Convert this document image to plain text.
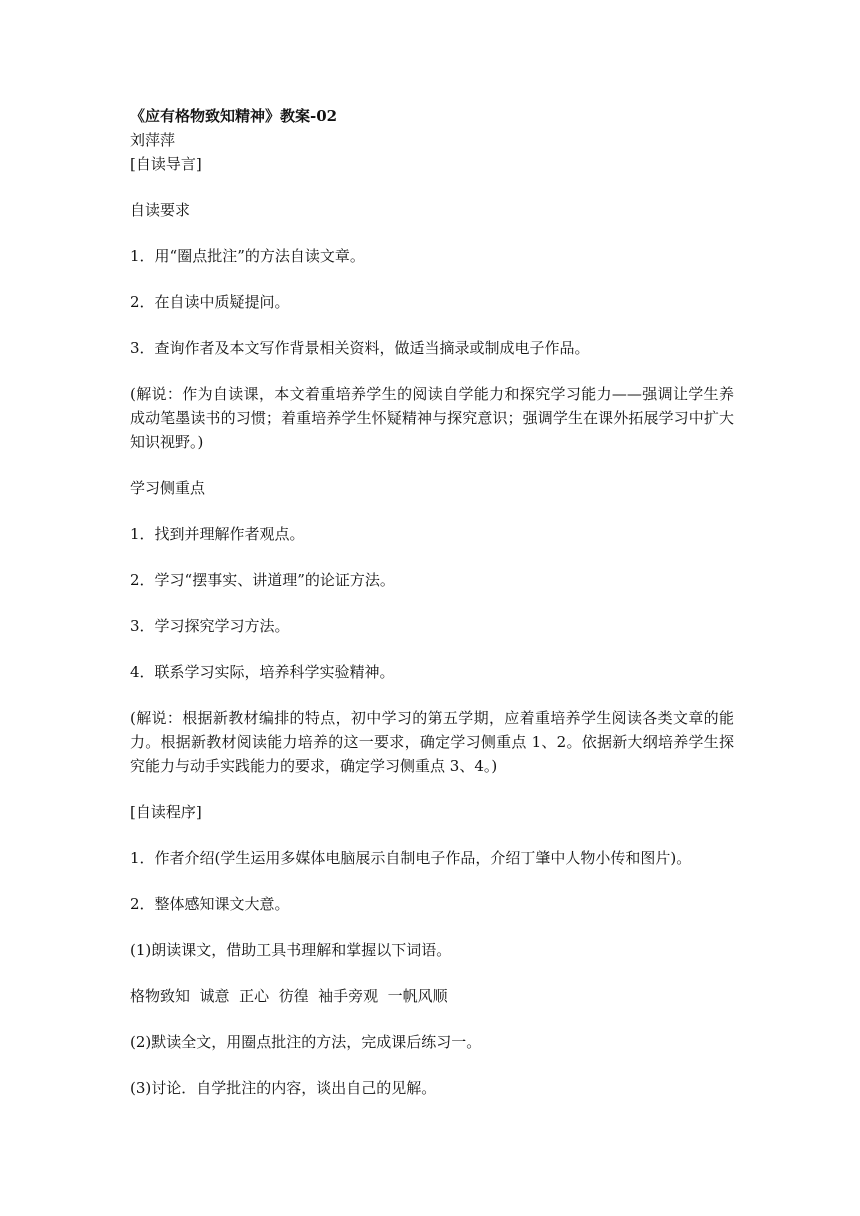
《应有格物致知精神》教案-02

刘萍萍

[自读导言]

自读要求

1．用“圈点批注”的方法自读文章。

2．在自读中质疑提问。

3．查询作者及本文写作背景相关资料，做适当摘录或制成电子作品。

(解说：作为自读课，本文着重培养学生的阅读自学能力和探究学习能力——强调让学生养成动笔墨读书的习惯；着重培养学生怀疑精神与探究意识；强调学生在课外拓展学习中扩大知识视野。)

学习侧重点

1．找到并理解作者观点。

2．学习“摆事实、讲道理”的论证方法。

3．学习探究学习方法。

4．联系学习实际，培养科学实验精神。

(解说：根据新教材编排的特点，初中学习的第五学期，应着重培养学生阅读各类文章的能力。根据新教材阅读能力培养的这一要求，确定学习侧重点 1、2。依据新大纲培养学生探究能力与动手实践能力的要求，确定学习侧重点 3、4。)

[自读程序]

1．作者介绍(学生运用多媒体电脑展示自制电子作品，介绍丁肇中人物小传和图片)。

2．整体感知课文大意。

(1)朗读课文，借助工具书理解和掌握以下词语。

格物致知  诚意  正心  彷徨  袖手旁观  一帆风顺

(2)默读全文，用圈点批注的方法，完成课后练习一。

(3)讨论．自学批注的内容，谈出自己的见解。
